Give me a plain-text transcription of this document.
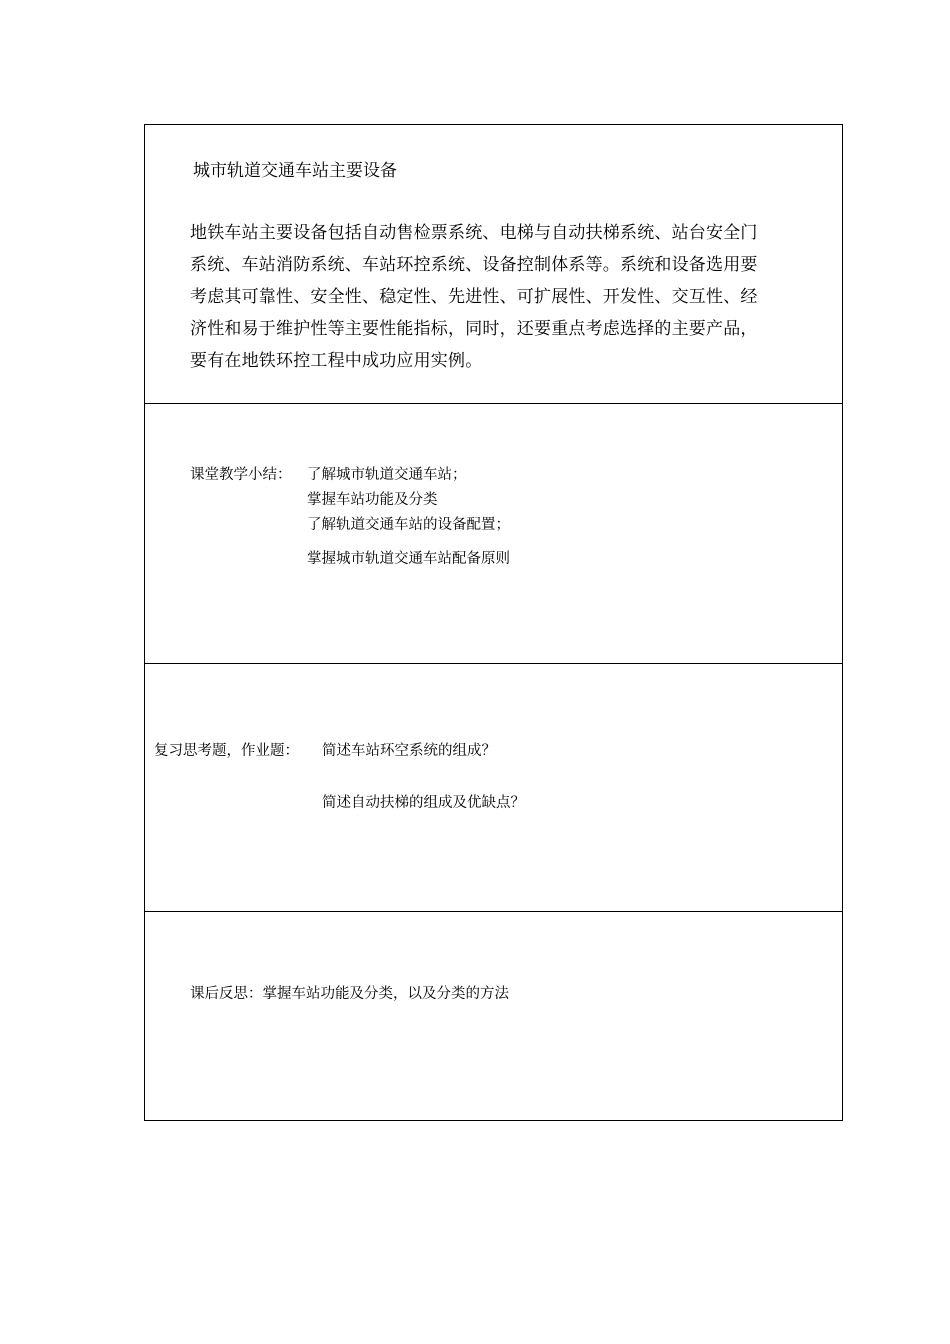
城市轨道交通车站主要设备
地铁车站主要设备包括自动售检票系统、电梯与自动扶梯系统、站台安全门
系统、车站消防系统、车站环控系统、设备控制体系等。系统和设备选用要
考虑其可靠性、安全性、稳定性、先进性、可扩展性、开发性、交互性、经
济性和易于维护性等主要性能指标，同时，还要重点考虑选择的主要产品，
要有在地铁环控工程中成功应用实例。
课堂教学小结： 了解城市轨道交通车站；
掌握车站功能及分类
了解轨道交通车站的设备配置；
掌握城市轨道交通车站配备原则
复习思考题，作业题： 简述车站环空系统的组成？
简述自动扶梯的组成及优缺点？
课后反思：掌握车站功能及分类，以及分类的方法
